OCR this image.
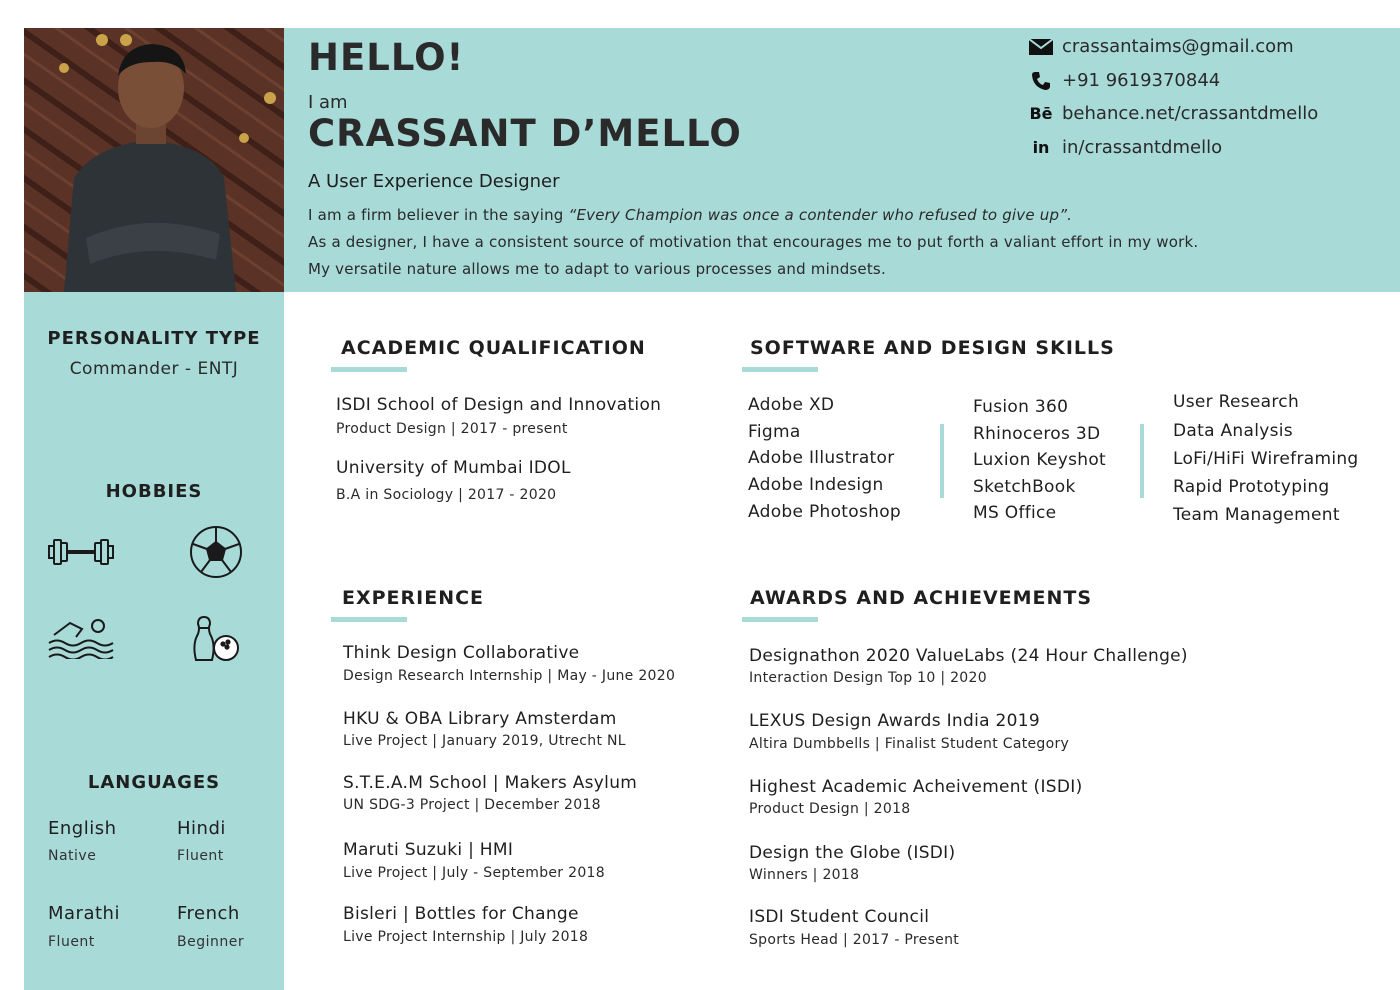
HELLO!
I am
CRASSANT D’MELLO
A User Experience Designer
I am a firm believer in the saying “Every Champion was once a contender who refused to give up”.
As a designer, I have a consistent source of motivation that encourages me to put forth a valiant effort in my work.
My versatile nature allows me to adapt to various processes and mindsets.
crassantaims@gmail.com
+91 9619370844
Bē behance.net/crassantdmello
in in/crassantdmello
PERSONALITY TYPE
Commander - ENTJ
HOBBIES
LANGUAGES
English
Native
Hindi
Fluent
Marathi
Fluent
French
Beginner
ACADEMIC QUALIFICATION
ISDI School of Design and Innovation
Product Design | 2017 - present
University of Mumbai IDOL
B.A in Sociology | 2017 - 2020
SOFTWARE AND DESIGN SKILLS
Adobe XD
Figma
Adobe Illustrator
Adobe Indesign
Adobe Photoshop
Fusion 360
Rhinoceros 3D
Luxion Keyshot
SketchBook
MS Office
User Research
Data Analysis
LoFi/HiFi Wireframing
Rapid Prototyping
Team Management
EXPERIENCE
Think Design Collaborative
Design Research Internship | May - June 2020
HKU & OBA Library Amsterdam
Live Project | January 2019, Utrecht NL
S.T.E.A.M School | Makers Asylum
UN SDG-3 Project | December 2018
Maruti Suzuki | HMI
Live Project | July - September 2018
Bisleri | Bottles for Change
Live Project Internship | July 2018
AWARDS AND ACHIEVEMENTS
Designathon 2020 ValueLabs (24 Hour Challenge)
Interaction Design Top 10 | 2020
LEXUS Design Awards India 2019
Altira Dumbbells | Finalist Student Category
Highest Academic Acheivement (ISDI)
Product Design | 2018
Design the Globe (ISDI)
Winners | 2018
ISDI Student Council
Sports Head | 2017 - Present
